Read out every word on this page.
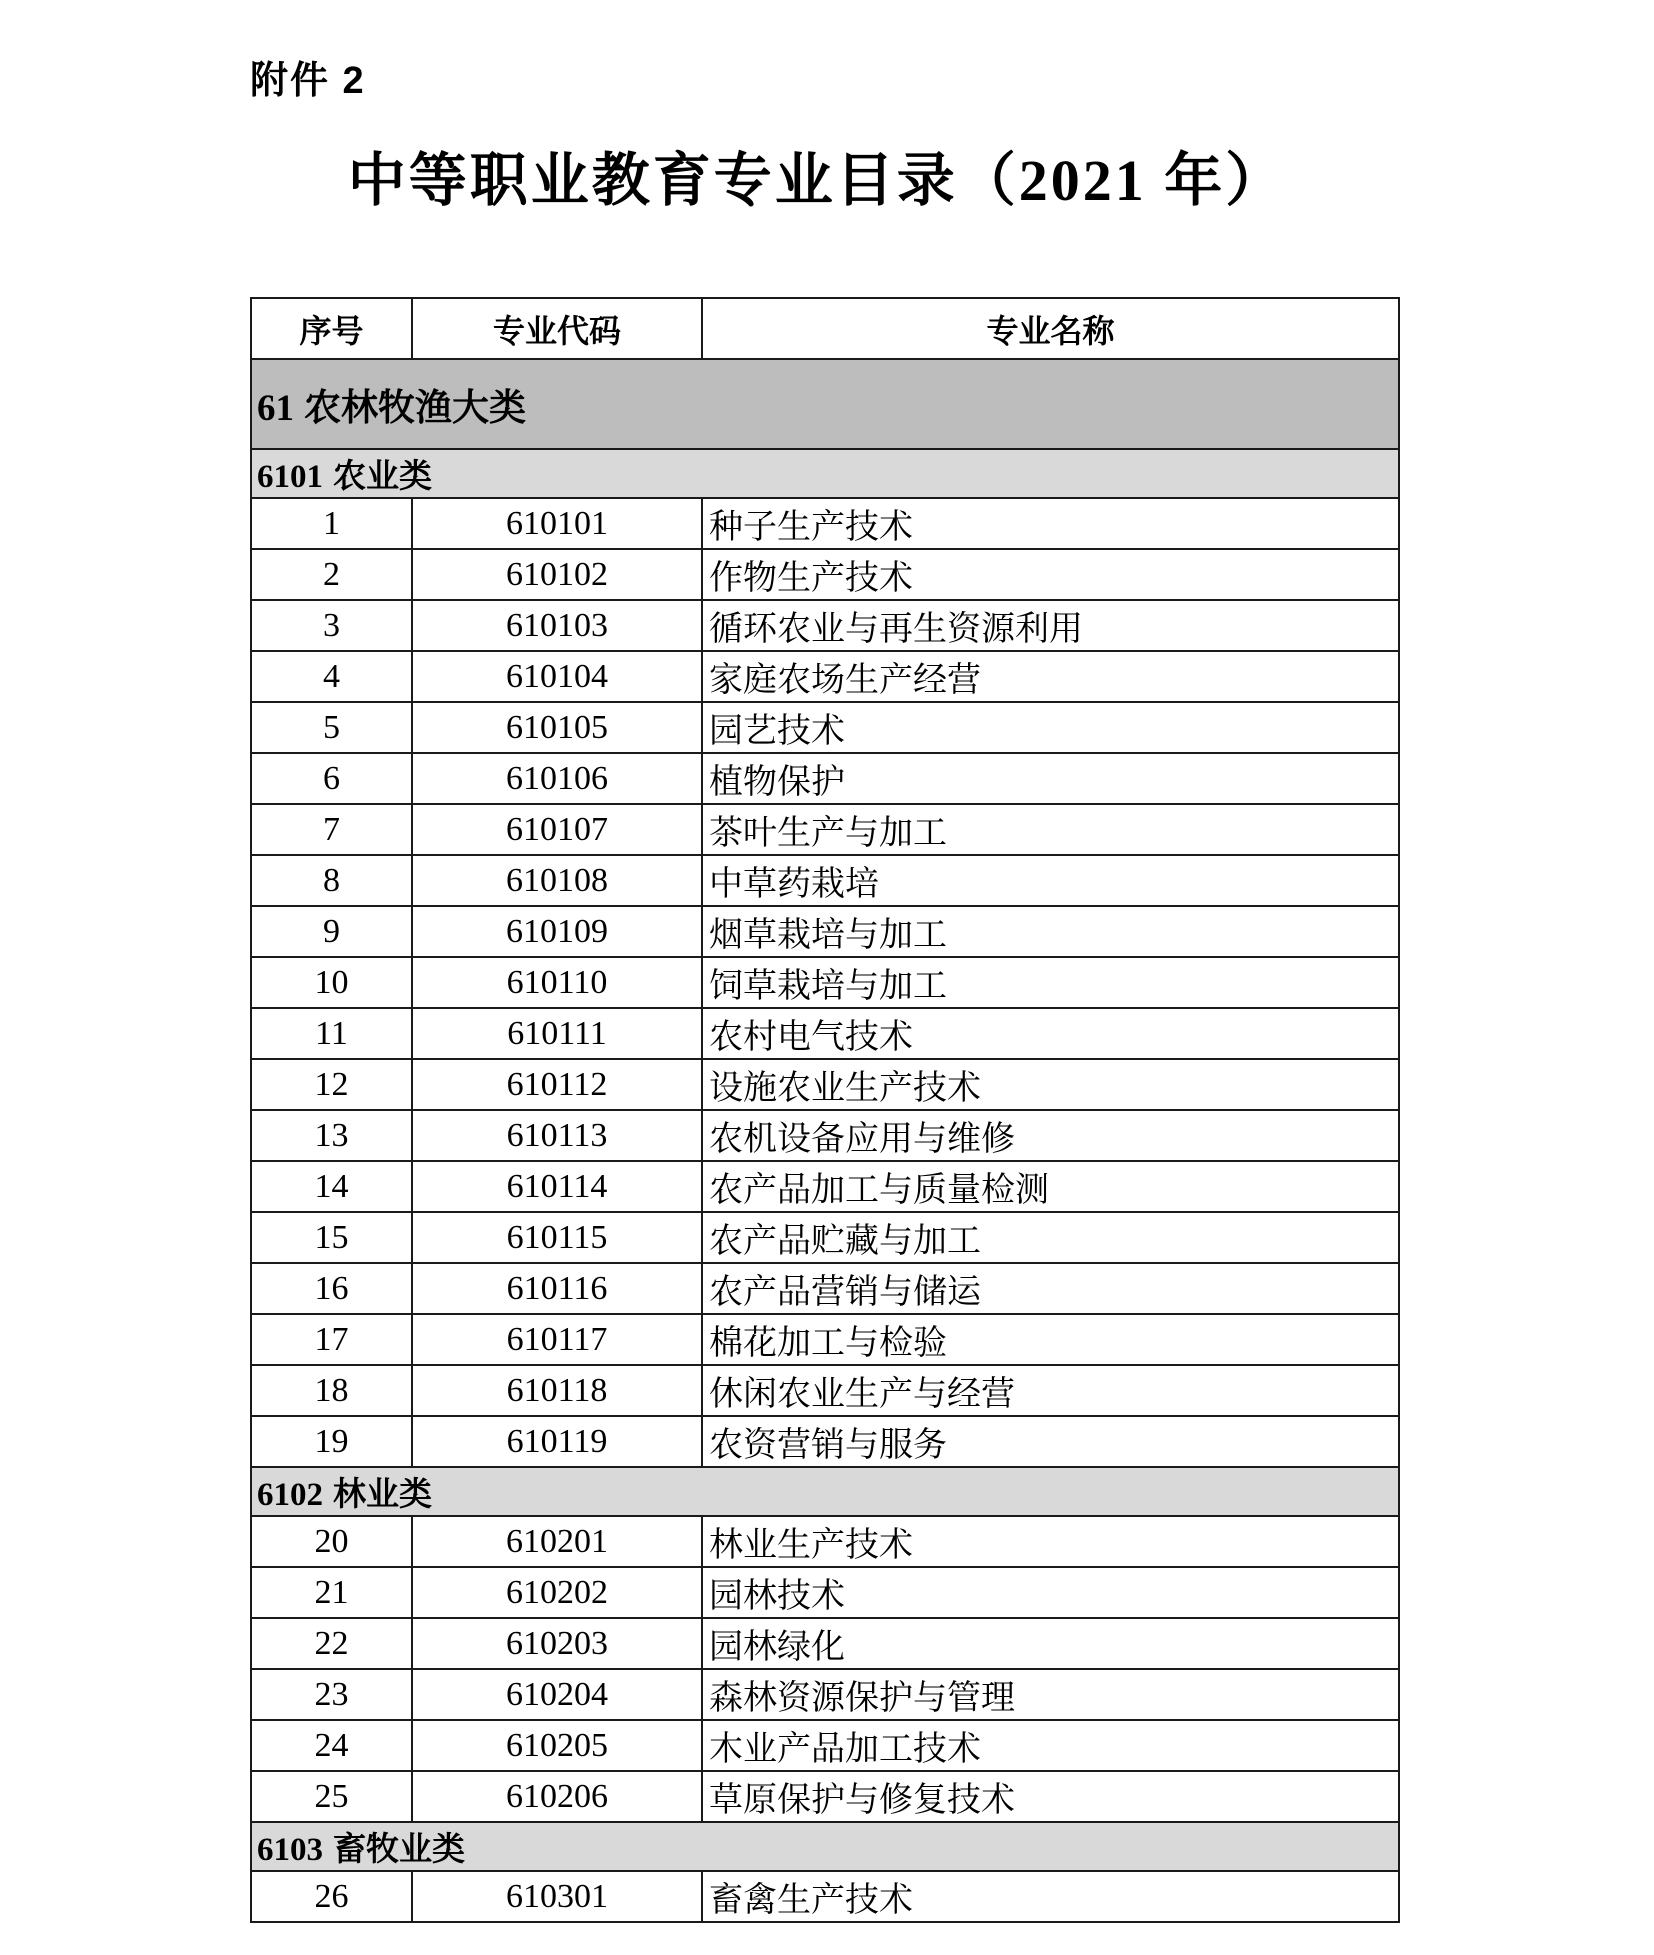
附件 2
中等职业教育专业目录（2021 年）
序号	专业代码	专业名称
61 农林牧渔大类		
6101 农业类		
1	610101	种子生产技术
2	610102	作物生产技术
3	610103	循环农业与再生资源利用
4	610104	家庭农场生产经营
5	610105	园艺技术
6	610106	植物保护
7	610107	茶叶生产与加工
8	610108	中草药栽培
9	610109	烟草栽培与加工
10	610110	饲草栽培与加工
11	610111	农村电气技术
12	610112	设施农业生产技术
13	610113	农机设备应用与维修
14	610114	农产品加工与质量检测
15	610115	农产品贮藏与加工
16	610116	农产品营销与储运
17	610117	棉花加工与检验
18	610118	休闲农业生产与经营
19	610119	农资营销与服务
6102 林业类		
20	610201	林业生产技术
21	610202	园林技术
22	610203	园林绿化
23	610204	森林资源保护与管理
24	610205	木业产品加工技术
25	610206	草原保护与修复技术
6103 畜牧业类		
26	610301	畜禽生产技术
